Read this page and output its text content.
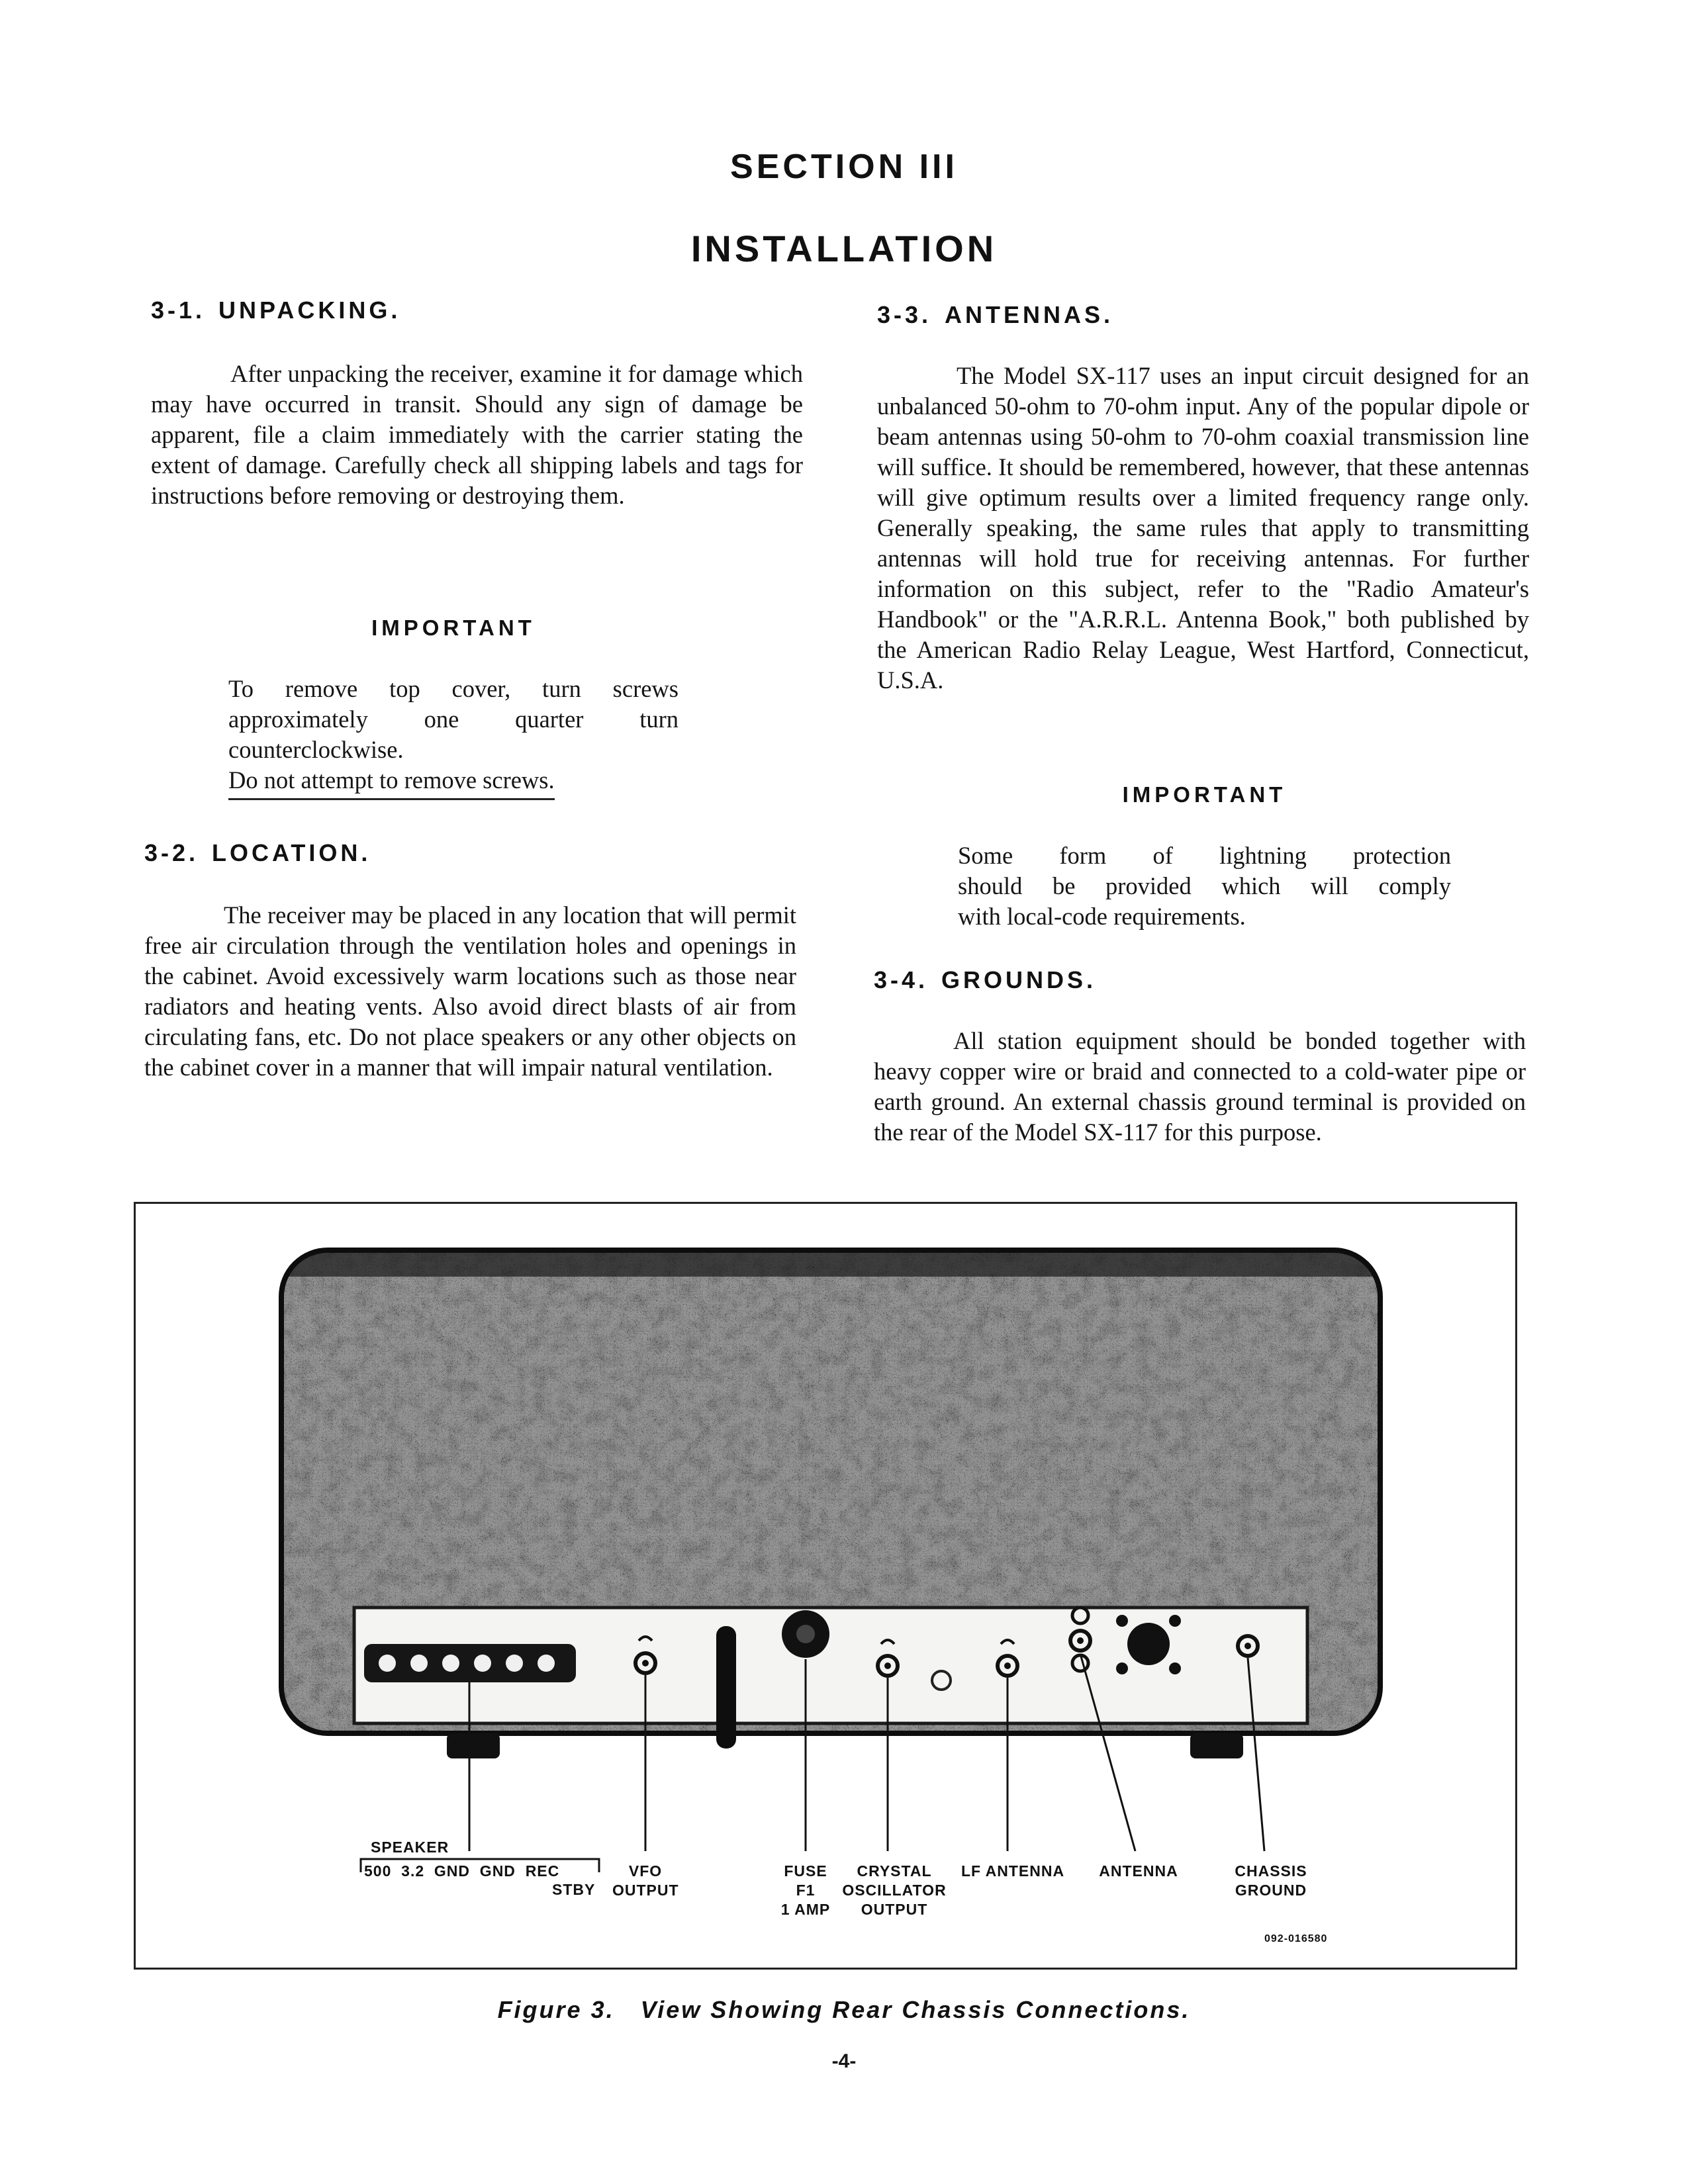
SECTION III
INSTALLATION
3-1. UNPACKING.

After unpacking the receiver, examine it for damage which may have occurred in transit. Should any sign of damage be apparent, file a claim immediately with the carrier stating the extent of damage. Carefully check all shipping labels and tags for instructions before removing or destroying them.

IMPORTANT
To remove top cover, turn screws
approximately one quarter turn
counterclockwise.
Do not attempt to remove screws.
3-2. LOCATION.

The receiver may be placed in any location that will permit free air circulation through the ventilation holes and openings in the cabinet. Avoid excessively warm locations such as those near radiators and heating vents. Also avoid direct blasts of air from circulating fans, etc. Do not place speakers or any other objects on the cabinet cover in a manner that will impair natural ventilation.

3-3. ANTENNAS.

The Model SX-117 uses an input circuit designed for an unbalanced 50-ohm to 70-ohm input. Any of the popular dipole or beam antennas using 50-ohm to 70-ohm coaxial transmission line will suffice. It should be remembered, however, that these antennas will give optimum results over a limited frequency range only. Generally speaking, the same rules that apply to transmitting antennas will hold true for receiving antennas. For further information on this subject, refer to the "Radio Amateur's Handbook" or the "A.R.R.L. Antenna Book," both published by the American Radio Relay League, West Hartford, Connecticut, U.S.A.

IMPORTANT
Some form of lightning protection
should be provided which will comply
with local-code requirements.
3-4. GROUNDS.

All station equipment should be bonded together with heavy copper wire or braid and connected to a cold-water pipe or earth ground. An external chassis ground terminal is provided on the rear of the Model SX-117 for this purpose.

SPEAKER
500  3.2  GND  GND  REC
STBY
VFO
OUTPUT
FUSE
F1
1 AMP
CRYSTAL
OSCILLATOR
OUTPUT
LF ANTENNA ANTENNA	CHASSIS
GROUND
092-016580
Figure 3.   View Showing Rear Chassis Connections.
-4-
